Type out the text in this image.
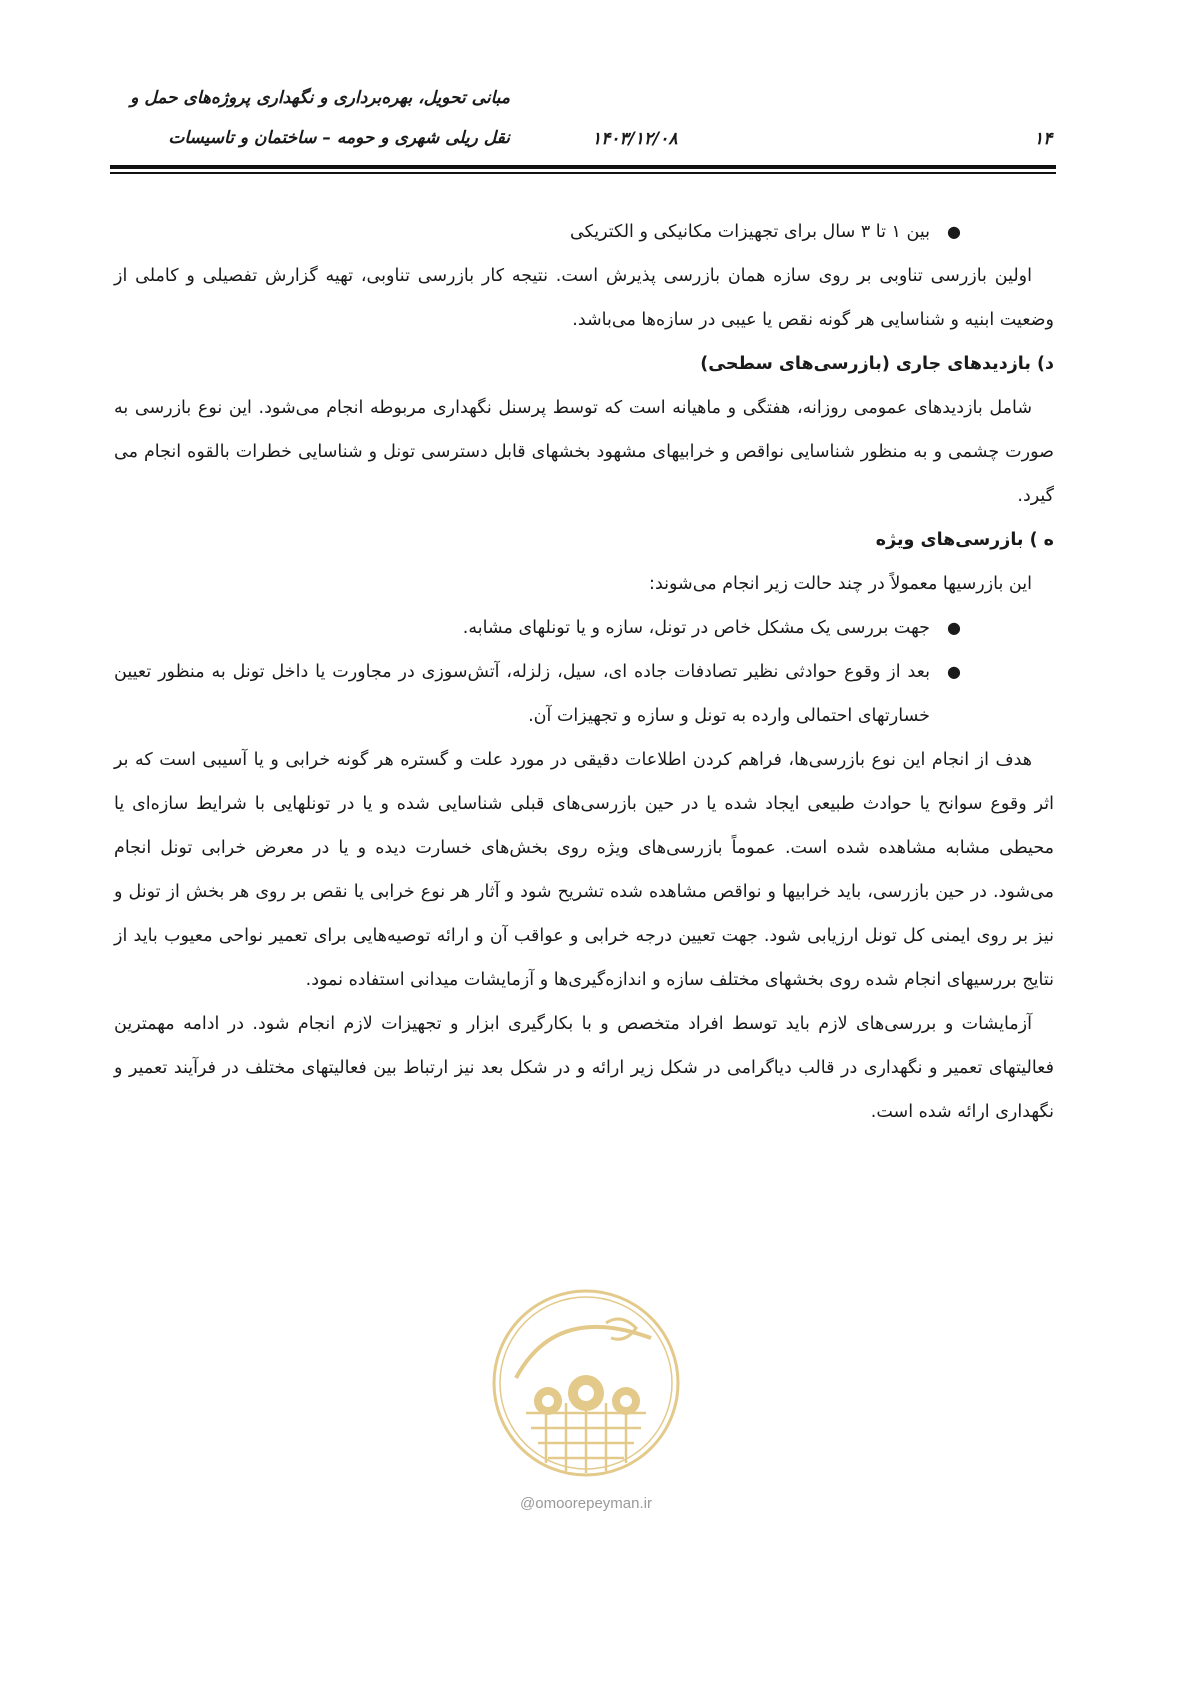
مبانی تحویل، بهره‌برداری و نگهداری پروژه‌های حمل و
نقل ریلی شهری و حومه – ساختمان و تاسیسات	۱۴۰۳/۱۲/۰۸	۱۴
●
بین ۱ تا ۳ سال برای تجهیزات مکانیکی و الکتریکی

اولین بازرسی تناوبی بر روی سازه همان بازرسی پذیرش است. نتیجه کار بازرسی تناوبی، تهیه گزارش تفصیلی و کاملی از وضعیت ابنیه و شناسایی هر گونه نقص یا عیبی در سازه‌ها می‌باشد.

د) بازدیدهای جاری (بازرسی‌های سطحی)

شامل بازدیدهای عمومی روزانه، هفتگی و ماهیانه است که توسط پرسنل نگهداری مربوطه انجام می‌شود. این نوع بازرسی به صورت چشمی و به منظور شناسایی نواقص و خرابیهای مشهود بخشهای قابل دسترسی تونل و شناسایی خطرات بالقوه انجام می گیرد.

ه ) بازرسی‌های ویژه

این بازرسیها معمولاً در چند حالت زیر انجام می‌شوند:

●
جهت بررسی یک مشکل خاص در تونل، سازه و یا تونلهای مشابه.
●
بعد از وقوع حوادثی نظیر تصادفات جاده ای، سیل، زلزله، آتش‌سوزی در مجاورت یا داخل تونل به منظور تعیین خسارتهای احتمالی وارده به تونل و سازه و تجهیزات آن.

هدف از انجام این نوع بازرسی‌ها، فراهم کردن اطلاعات دقیقی در مورد علت و گستره هر گونه خرابی و یا آسیبی است که بر اثر وقوع سوانح یا حوادث طبیعی ایجاد شده یا در حین بازرسی‌های قبلی شناسایی شده و یا در تونلهایی با شرایط سازه‌ای یا محیطی مشابه مشاهده شده است. عموماً بازرسی‌های ویژه روی بخش‌های خسارت دیده و یا در معرض خرابی تونل انجام می‌شود. در حین بازرسی، باید خرابیها و نواقص مشاهده شده تشریح شود و آثار هر نوع خرابی یا نقص بر روی هر بخش از تونل و نیز بر روی ایمنی کل تونل ارزیابی شود. جهت تعیین درجه خرابی و عواقب آن و ارائه توصیه‌هایی برای تعمیر نواحی معیوب باید از نتایج بررسیهای انجام شده روی بخشهای مختلف سازه و اندازه‌گیری‌ها و آزمایشات میدانی استفاده نمود.

آزمایشات و بررسی‌های لازم باید توسط افراد متخصص و با بکارگیری ابزار و تجهیزات لازم انجام شود. در ادامه مهمترین فعالیتهای تعمیر و نگهداری در قالب دیاگرامی در شکل زیر ارائه و در شکل بعد نیز ارتباط بین فعالیتهای مختلف در فرآیند تعمیر و نگهداری ارائه شده است.

@omoorepeyman.ir
